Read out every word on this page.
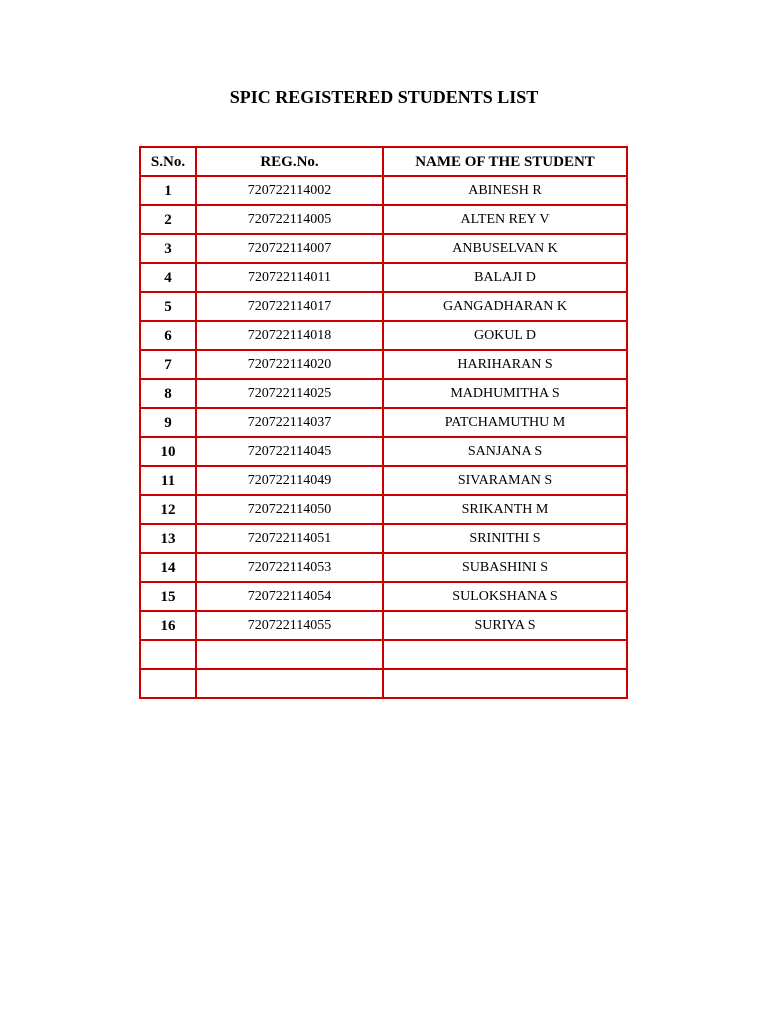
SPIC REGISTERED STUDENTS LIST
S.No.	REG.No.	NAME OF THE STUDENT
1	720722114002	ABINESH R
2	720722114005	ALTEN REY V
3	720722114007	ANBUSELVAN K
4	720722114011	BALAJI D
5	720722114017	GANGADHARAN K
6	720722114018	GOKUL D
7	720722114020	HARIHARAN S
8	720722114025	MADHUMITHA S
9	720722114037	PATCHAMUTHU M
10	720722114045	SANJANA S
11	720722114049	SIVARAMAN S
12	720722114050	SRIKANTH M
13	720722114051	SRINITHI S
14	720722114053	SUBASHINI S
15	720722114054	SULOKSHANA S
16	720722114055	SURIYA S
